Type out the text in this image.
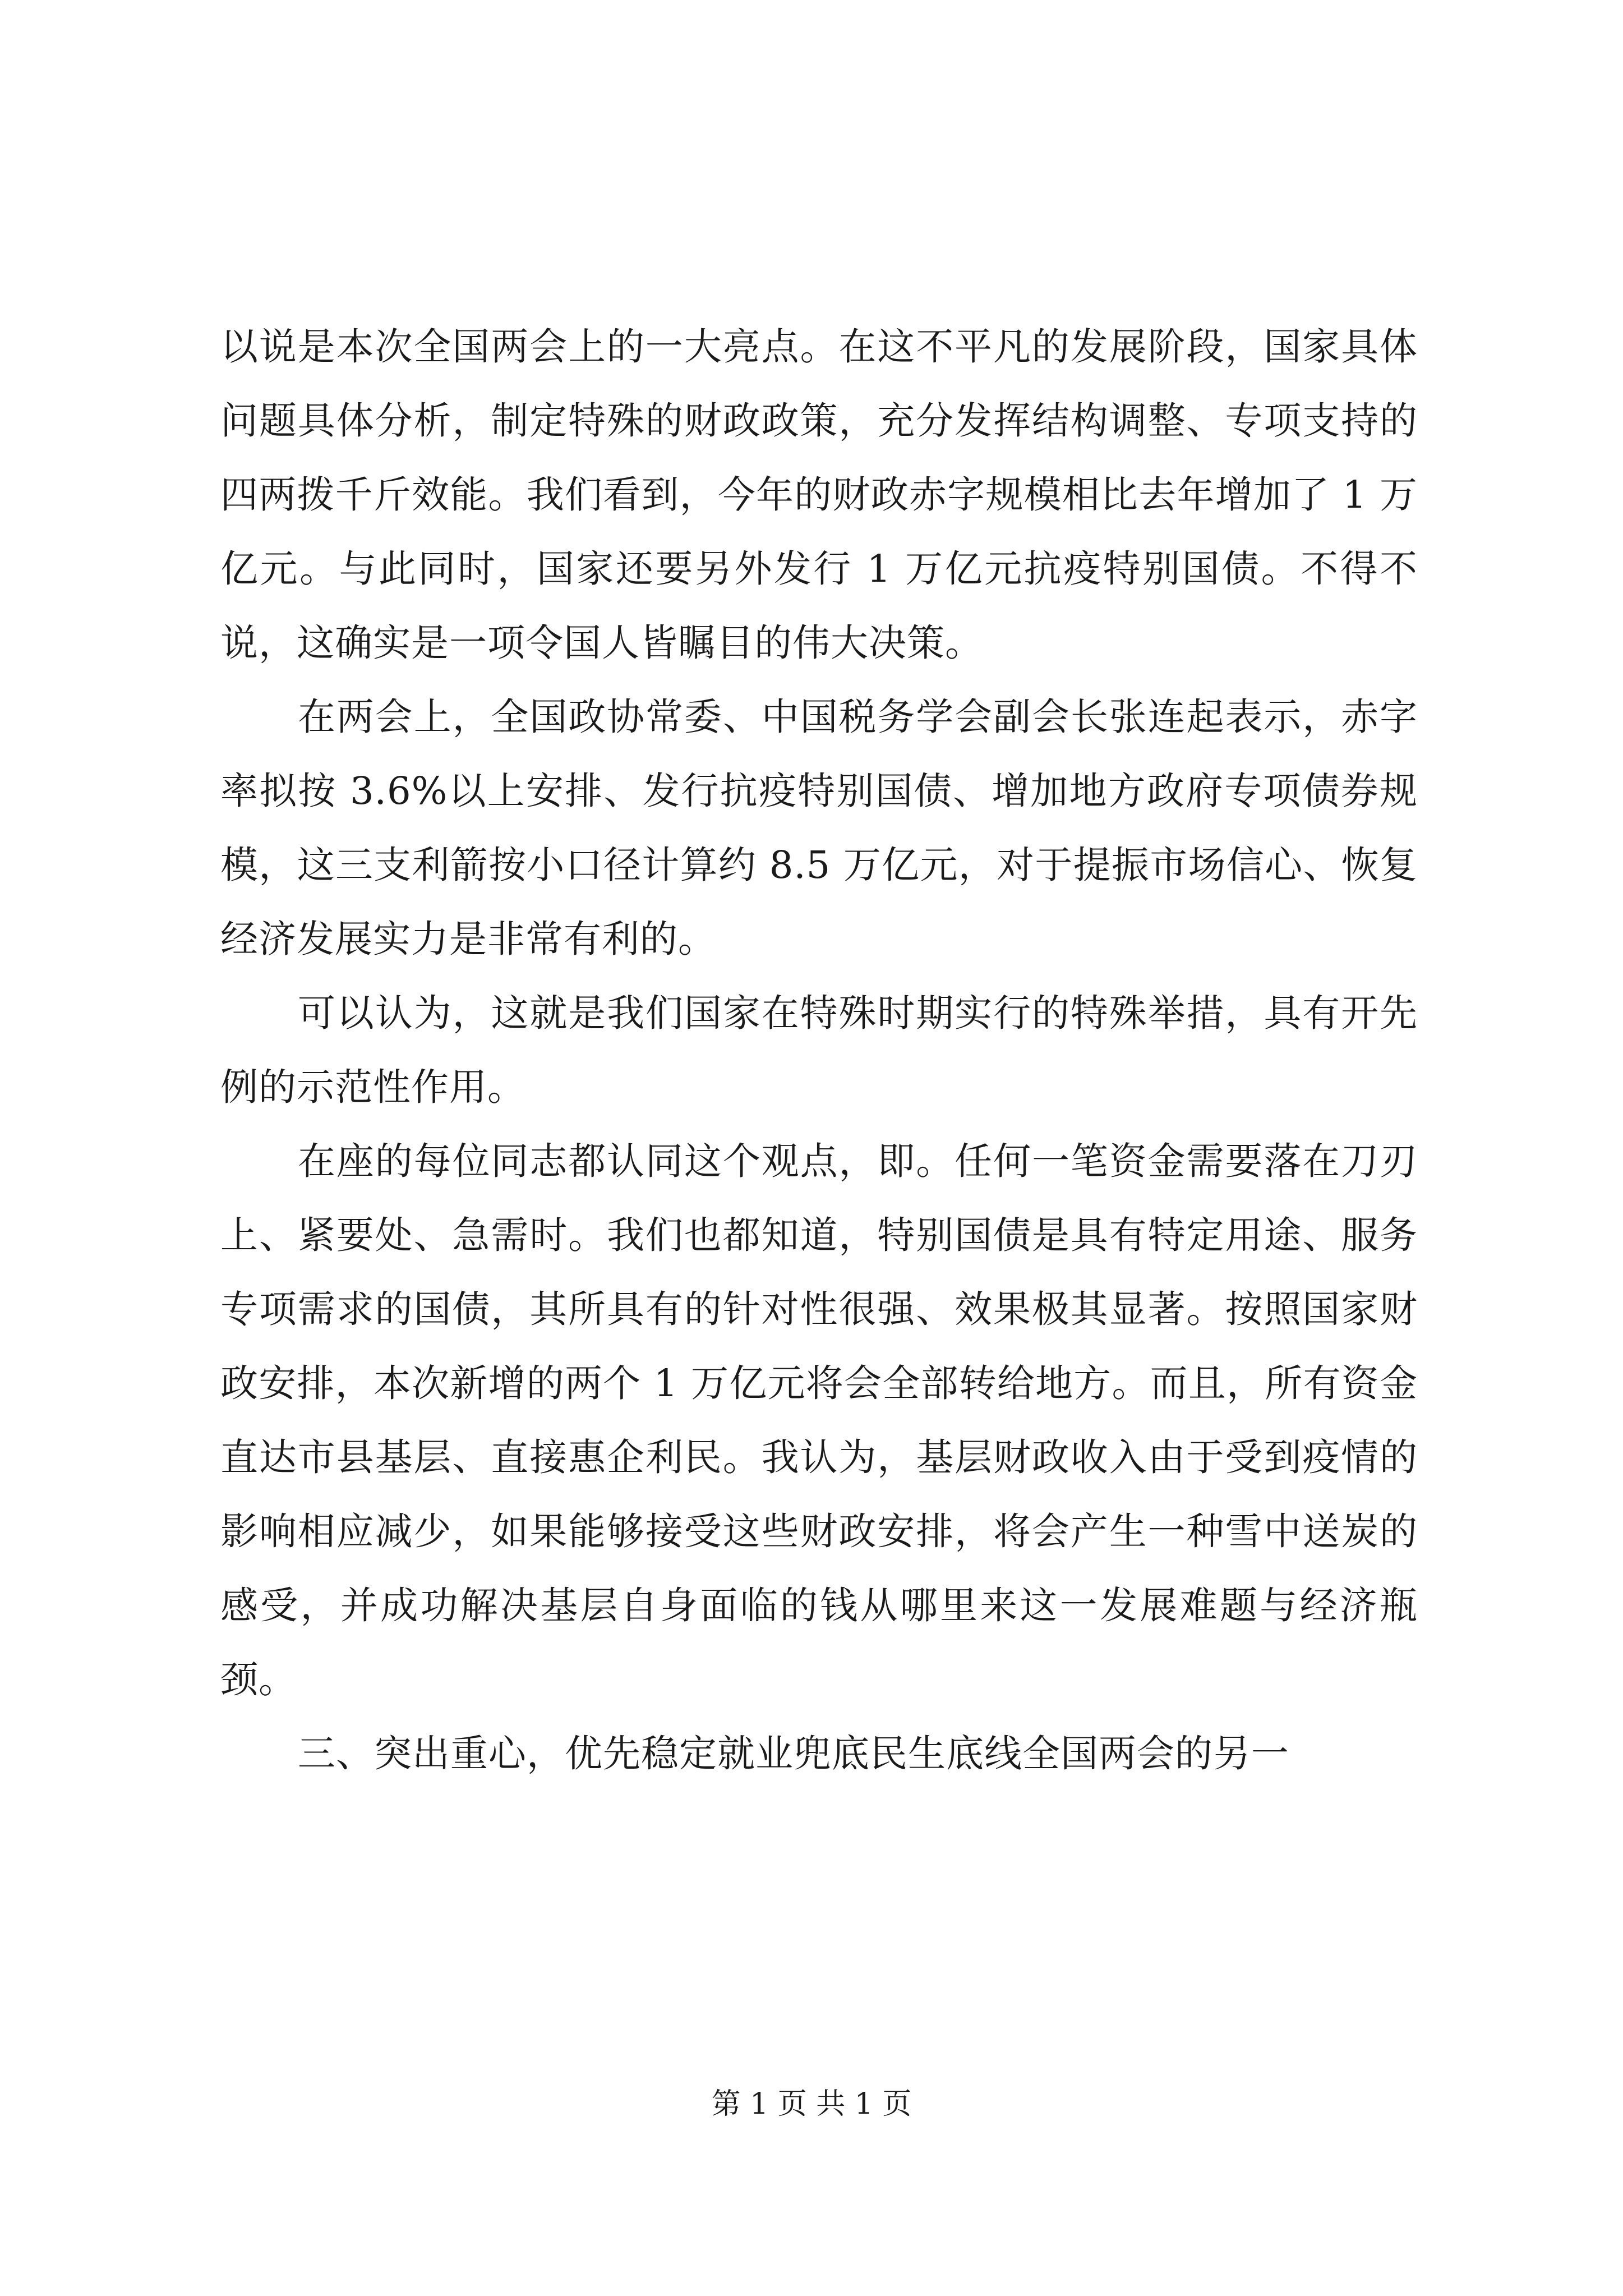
以说是本次全国两会上的一大亮点。在这不平凡的发展阶段，国家具体问题具体分析，制定特殊的财政政策，充分发挥结构调整、专项支持的四两拨千斤效能。我们看到，今年的财政赤字规模相比去年增加了 1 万亿元。与此同时，国家还要另外发行 1 万亿元抗疫特别国债。不得不说，这确实是一项令国人皆瞩目的伟大决策。

在两会上，全国政协常委、中国税务学会副会长张连起表示，赤字率拟按 3.6%以上安排、发行抗疫特别国债、增加地方政府专项债券规模，这三支利箭按小口径计算约 8.5 万亿元，对于提振市场信心、恢复经济发展实力是非常有利的。

可以认为，这就是我们国家在特殊时期实行的特殊举措，具有开先例的示范性作用。

在座的每位同志都认同这个观点，即。任何一笔资金需要落在刀刃上、紧要处、急需时。我们也都知道，特别国债是具有特定用途、服务专项需求的国债，其所具有的针对性很强、效果极其显著。按照国家财政安排，本次新增的两个 1 万亿元将会全部转给地方。而且，所有资金直达市县基层、直接惠企利民。我认为，基层财政收入由于受到疫情的影响相应减少，如果能够接受这些财政安排，将会产生一种雪中送炭的感受，并成功解决基层自身面临的钱从哪里来这一发展难题与经济瓶颈。

三、突出重心，优先稳定就业兜底民生底线全国两会的另一

第 1 页 共 1 页
